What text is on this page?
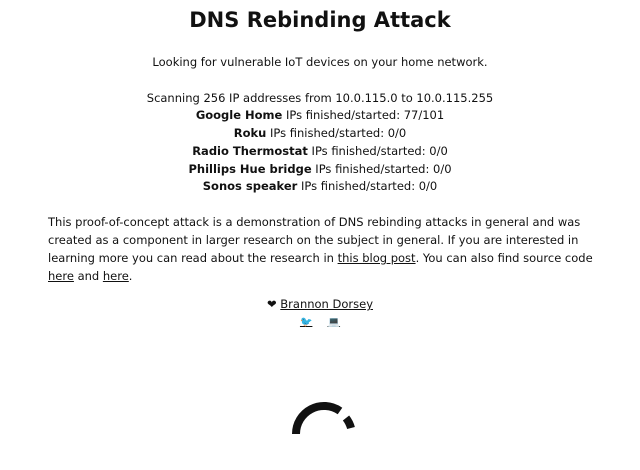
DNS Rebinding Attack
Looking for vulnerable IoT devices on your home network.
Scanning 256 IP addresses from 10.0.115.0 to 10.0.115.255
Google Home IPs finished/started: 77/101
Roku IPs finished/started: 0/0
Radio Thermostat IPs finished/started: 0/0
Phillips Hue bridge IPs finished/started: 0/0
Sonos speaker IPs finished/started: 0/0

This proof-of-concept attack is a demonstration of DNS rebinding attacks in general and was created as a component in larger research on the subject in general. If you are interested in learning more you can read about the research in this blog post. You can also find source code here and here.

❤ Brannon Dorsey
🐦 💻
